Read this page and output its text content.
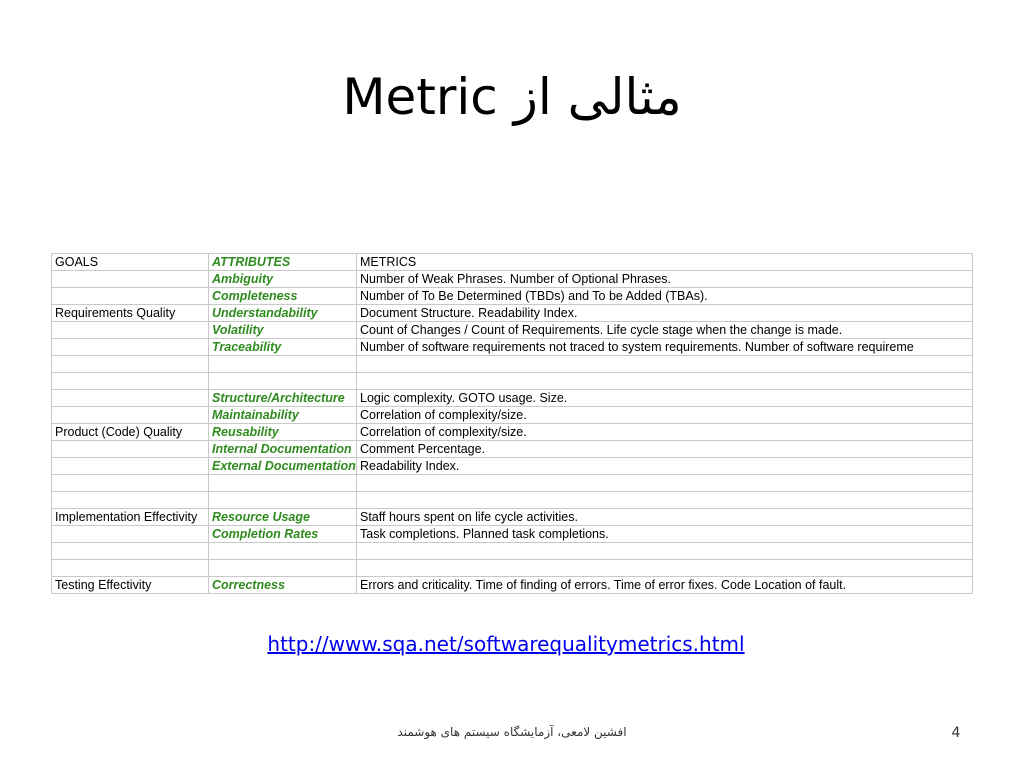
مثالی از Metric
GOALS	ATTRIBUTES	METRICS
	Ambiguity	Number of Weak Phrases. Number of Optional Phrases.
	Completeness	Number of To Be Determined (TBDs) and To be Added (TBAs).
Requirements Quality	Understandability	Document Structure. Readability Index.
	Volatility	Count of Changes / Count of Requirements. Life cycle stage when the change is made.
	Traceability	Number of software requirements not traced to system requirements. Number of software requireme

	Structure/Architecture	Logic complexity. GOTO usage. Size.
	Maintainability	Correlation of complexity/size.
Product (Code) Quality	Reusability	Correlation of complexity/size.
	Internal Documentation	Comment Percentage.
	External Documentation	Readability Index.

Implementation Effectivity	Resource Usage	Staff hours spent on life cycle activities.
	Completion Rates	Task completions. Planned task completions.

Testing Effectivity	Correctness	Errors and criticality. Time of finding of errors. Time of error fixes. Code Location of fault.
http://www.sqa.net/softwarequalitymetrics.html
افشین لامعی، آزمایشگاه سیستم های هوشمند	4
